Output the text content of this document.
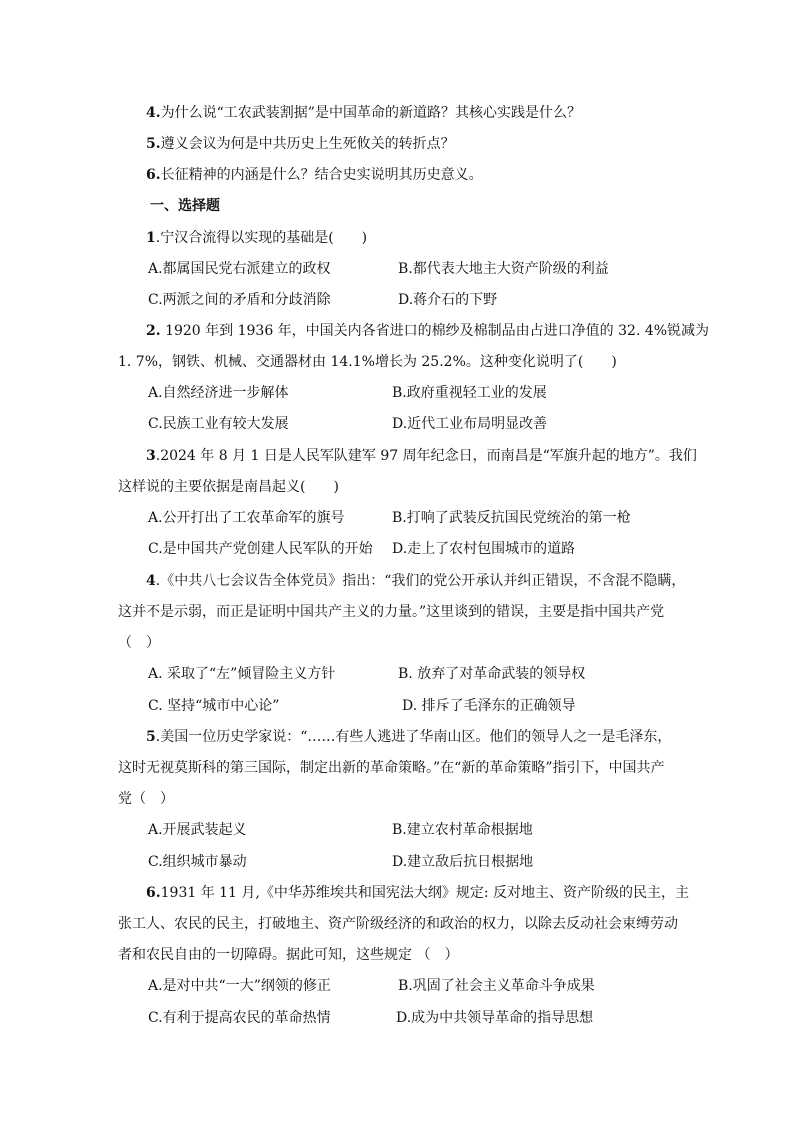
4.为什么说“工农武装割据”是中国革命的新道路？其核心实践是什么？
5.遵义会议为何是中共历史上生死攸关的转折点？
6.长征精神的内涵是什么？结合史实说明其历史意义。
一、选择题
1.宁汉合流得以实现的基础是(　　)
A.都属国民党右派建立的政权	B.都代表大地主大资产阶级的利益
C.两派之间的矛盾和分歧消除	D.蒋介石的下野
2. 1920 年到 1936 年，中国关内各省进口的棉纱及棉制品由占进口净值的 32. 4%锐减为
1. 7%，钢铁、机械、交通器材由 14.1%增长为 25.2%。这种变化说明了(　　)
A.自然经济进一步解体	B.政府重视轻工业的发展
C.民族工业有较大发展	D.近代工业布局明显改善
3.2024 年 8 月 1 日是人民军队建军 97 周年纪念日，而南昌是“军旗升起的地方”。我们
这样说的主要依据是南昌起义(　　)
A.公开打出了工农革命军的旗号	B.打响了武装反抗国民党统治的第一枪
C.是中国共产党创建人民军队的开始 D.走上了农村包围城市的道路
4.《中共八七会议告全体党员》指出：“我们的党公开承认并纠正错误，不含混不隐瞒，
这并不是示弱，而正是证明中国共产主义的力量。”这里谈到的错误，主要是指中国共产党
（　）
A. 采取了“左”倾冒险主义方针	B. 放弃了对革命武装的领导权
C. 坚持“城市中心论”	D. 排斥了毛泽东的正确领导
5.美国一位历史学家说：“……有些人逃进了华南山区。他们的领导人之一是毛泽东，
这时无视莫斯科的第三国际，制定出新的革命策略。”在“新的革命策略”指引下，中国共产
党（　）
A.开展武装起义	B.建立农村革命根据地
C.组织城市暴动	D.建立敌后抗日根据地
6.1931 年 11 月,《中华苏维埃共和国宪法大纲》规定: 反对地主、资产阶级的民主，主
张工人、农民的民主，打破地主、资产阶级经济的和政治的权力，以除去反动社会束缚劳动
者和农民自由的一切障碍。据此可知，这些规定 （　）
A.是对中共“一大”纲领的修正	B.巩固了社会主义革命斗争成果
C.有利于提高农民的革命热情	D.成为中共领导革命的指导思想
